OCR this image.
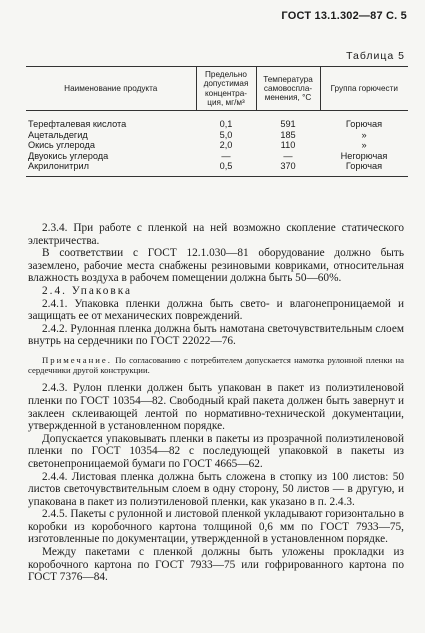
ГОСТ 13.1.302—87 С. 5
Таблица 5
Наименование продукта	Предельно допустимая концентра- ция, мг/м³	Температура самовоспла- менения, °С	Группа горючести
Терефталевая кислота	0,1	591	Горючая
Ацетальдегид	5,0	185	»
Окись углерода	2,0	110	»
Двуокись углерода	—	—	Негорючая
Акрилонитрил	0,5	370	Горючая

2.3.4. При работе с пленкой на ней возможно скопление статического электричества.

В соответствии с ГОСТ 12.1.030—81 оборудование должно быть заземлено, рабочие места снабжены резиновыми ковриками, относительная влажность воздуха в рабочем помещении должна быть 50—60%.

2.4. Упаковка

2.4.1. Упаковка пленки должна быть свето- и влагонепроницаемой и защищать ее от механических повреждений.

2.4.2. Рулонная пленка должна быть намотана светочувствительным слоем внутрь на сердечники по ГОСТ 22022—76.

Примечание. По согласованию с потребителем допускается намотка рулонной пленки на сердечники другой конструкции.

2.4.3. Рулон пленки должен быть упакован в пакет из полиэтиленовой пленки по ГОСТ 10354—82. Свободный край пакета должен быть завернут и заклеен склеивающей лентой по нормативно-технической документации, утвержденной в установленном порядке.

Допускается упаковывать пленки в пакеты из прозрачной полиэтиленовой пленки по ГОСТ 10354—82 с последующей упаковкой в пакеты из светонепроницаемой бумаги по ГОСТ 4665—62.

2.4.4. Листовая пленка должна быть сложена в стопку из 100 листов: 50 листов светочувствительным слоем в одну сторону, 50 листов — в другую, и упакована в пакет из полиэтиленовой пленки, как указано в п. 2.4.3.

2.4.5. Пакеты с рулонной и листовой пленкой укладывают горизонтально в коробки из коробочного картона толщиной 0,6 мм по ГОСТ 7933—75, изготовленные по документации, утвержденной в установленном порядке.

Между пакетами с пленкой должны быть уложены прокладки из коробочного картона по ГОСТ 7933—75 или гофрированного картона по ГОСТ 7376—84.
